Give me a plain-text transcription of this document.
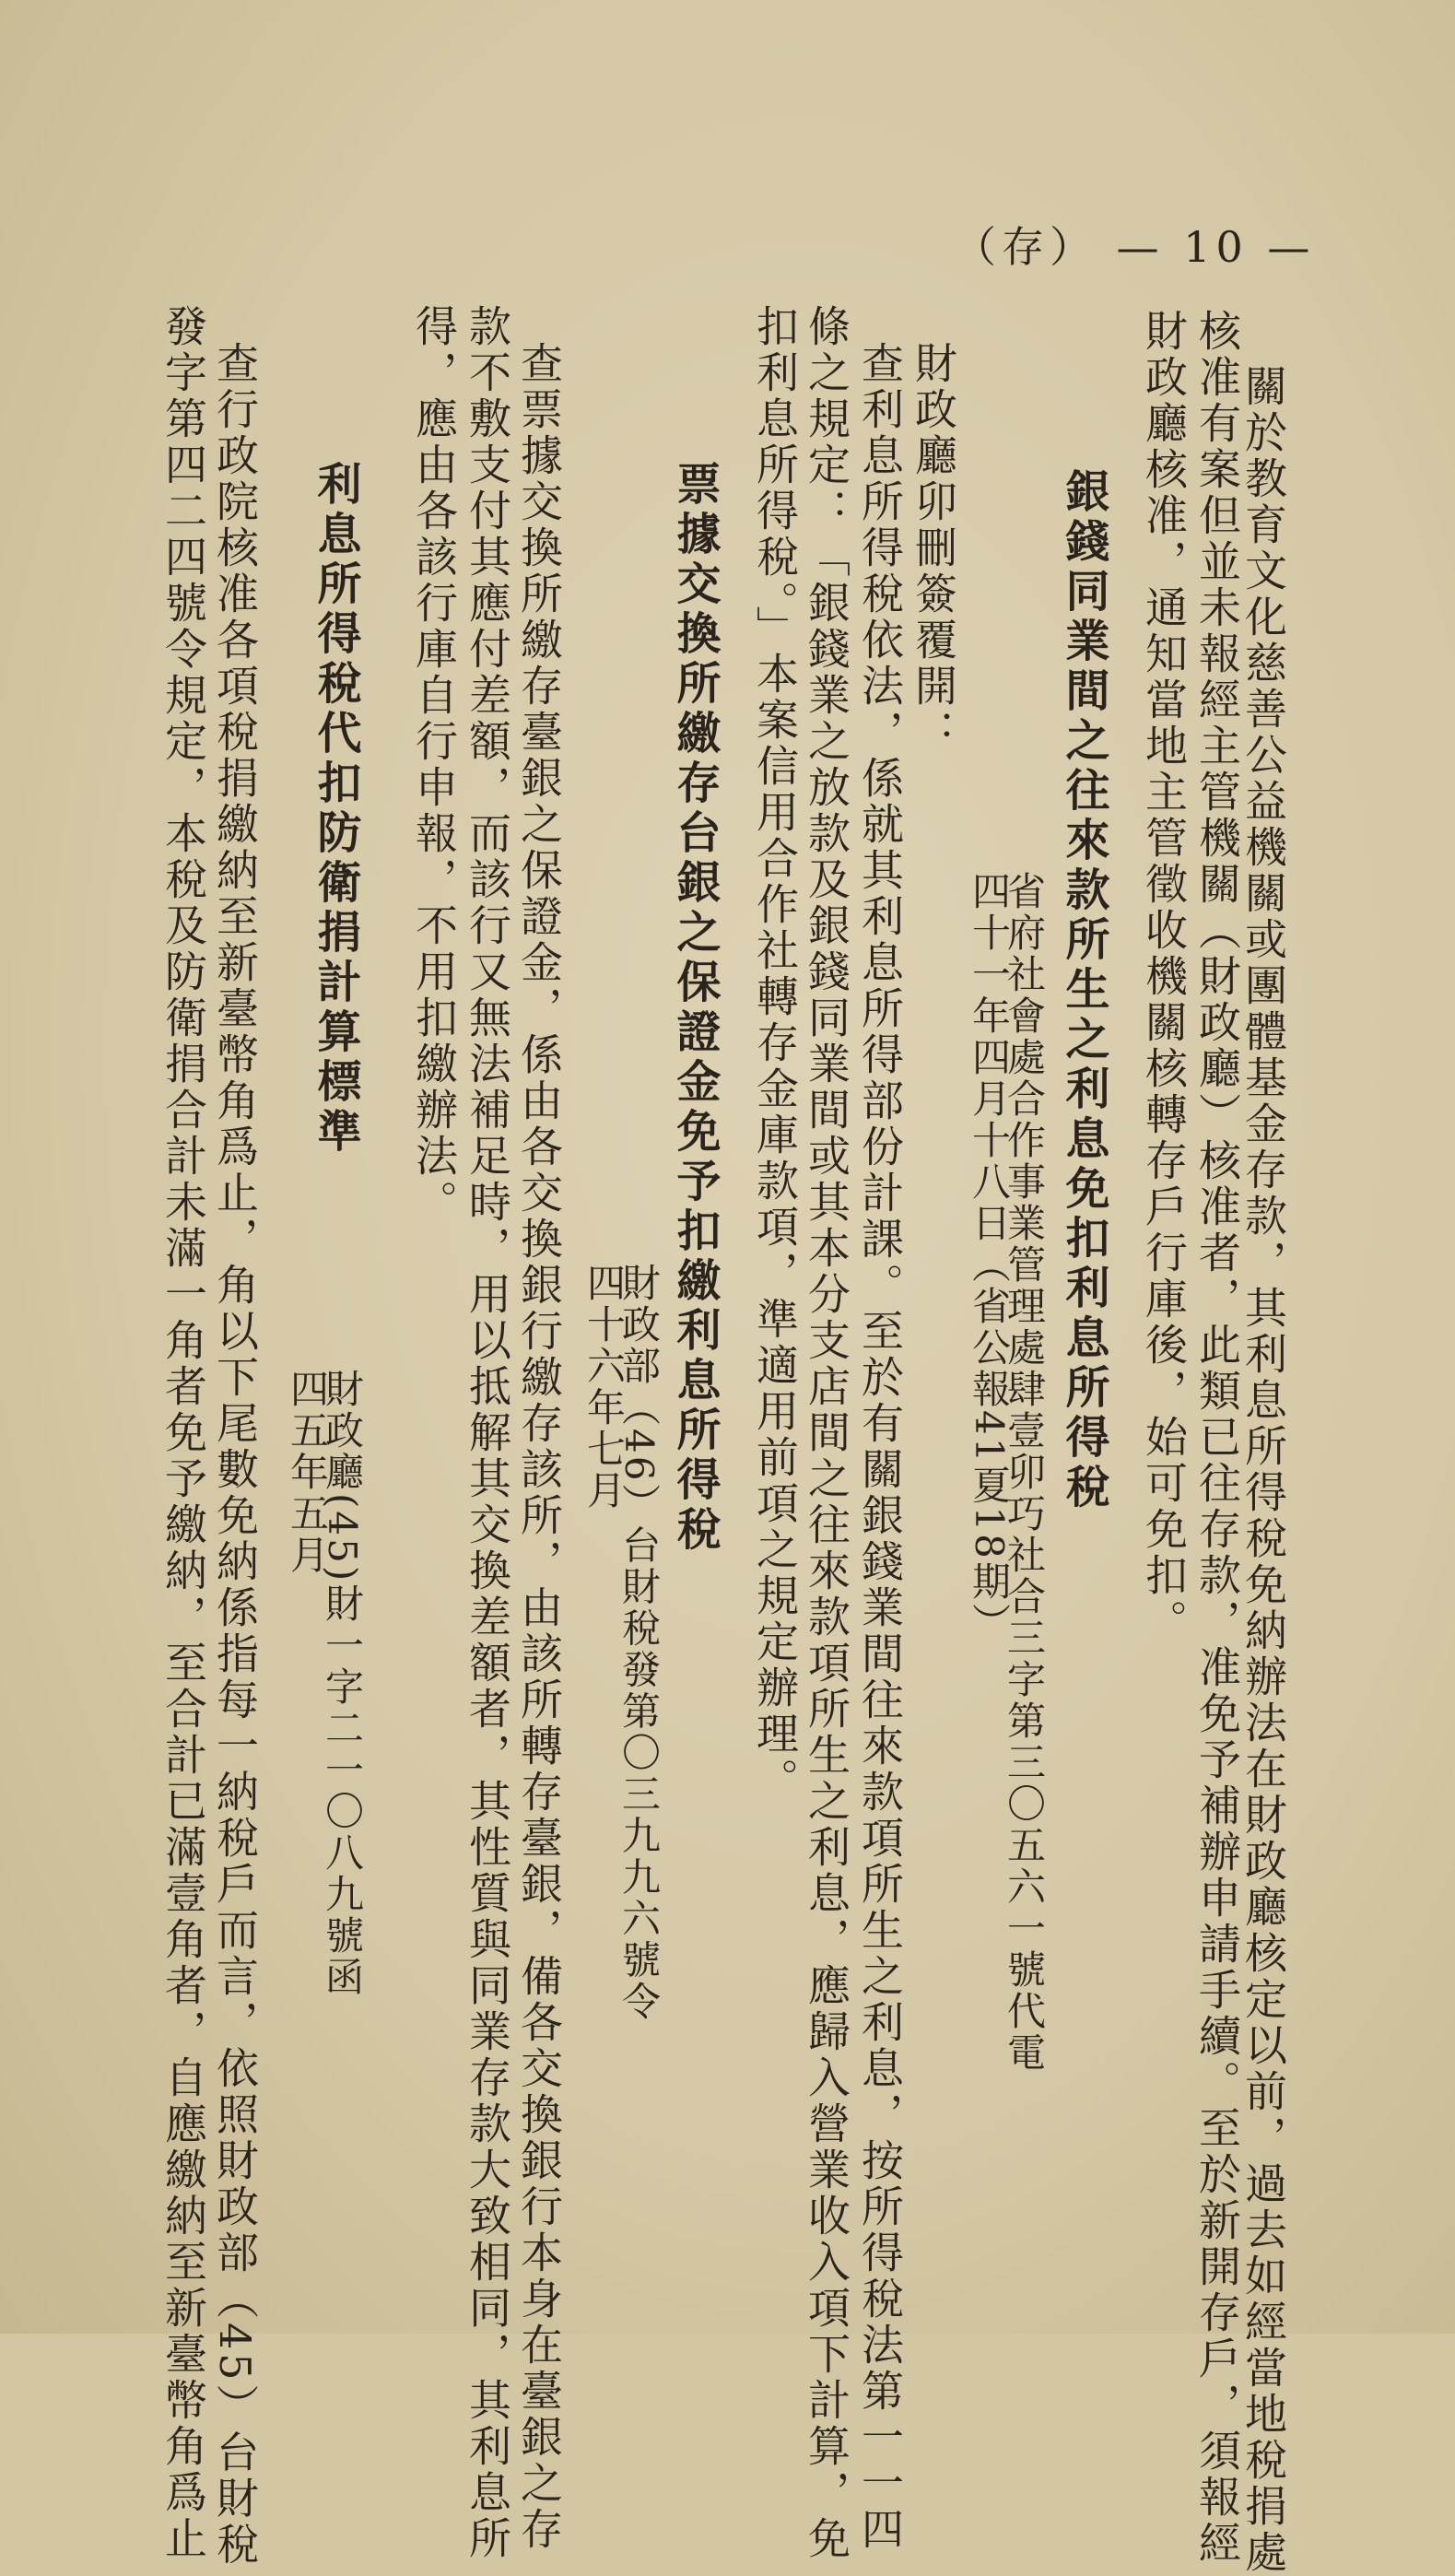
（存） — 10 —
關於教育文化慈善公益機關或團體基金存款，其利息所得稅免納辦法在財政廳核定以前，過去如經當地稅捐處
核准有案但並未報經主管機關（財政廳）核准者，此類已往存款，准免予補辦申請手續。至於新開存戶，須報經
財政廳核准，通知當地主管徵收機關核轉存戶行庫後，始可免扣。
銀錢同業間之往來款所生之利息免扣利息所得稅
省府社會處合作事業管理處肆壹卯巧社合三字第三〇五六一號代電
四十一年四月十八日（省公報41夏18期）
財政廳卯刪簽覆開：
查利息所得稅依法，係就其利息所得部份計課。至於有關銀錢業間往來款項所生之利息，按所得稅法第一一四
條之規定：「銀錢業之放款及銀錢同業間或其本分支店間之往來款項所生之利息，應歸入營業收入項下計算，免
扣利息所得稅。」本案信用合作社轉存金庫款項，準適用前項之規定辦理。
票據交換所繳存台銀之保證金免予扣繳利息所得稅
財政部（46）台財稅發第〇三九九六號令
四十六年七月
查票據交換所繳存臺銀之保證金，係由各交換銀行繳存該所，由該所轉存臺銀，備各交換銀行本身在臺銀之存
款不敷支付其應付差額，而該行又無法補足時，用以抵解其交換差額者，其性質與同業存款大致相同，其利息所
得，應由各該行庫自行申報，不用扣繳辦法。
利息所得稅代扣防衛捐計算標準
財政廳(45)財一字二一〇八九號函
四五年五月
查行政院核准各項稅捐繳納至新臺幣角爲止，角以下尾數免納係指每一納稅戶而言，依照財政部（45）台財稅
發字第四二四號令規定，本稅及防衛捐合計未滿一角者免予繳納，至合計已滿壹角者，自應繳納至新臺幣角爲止
